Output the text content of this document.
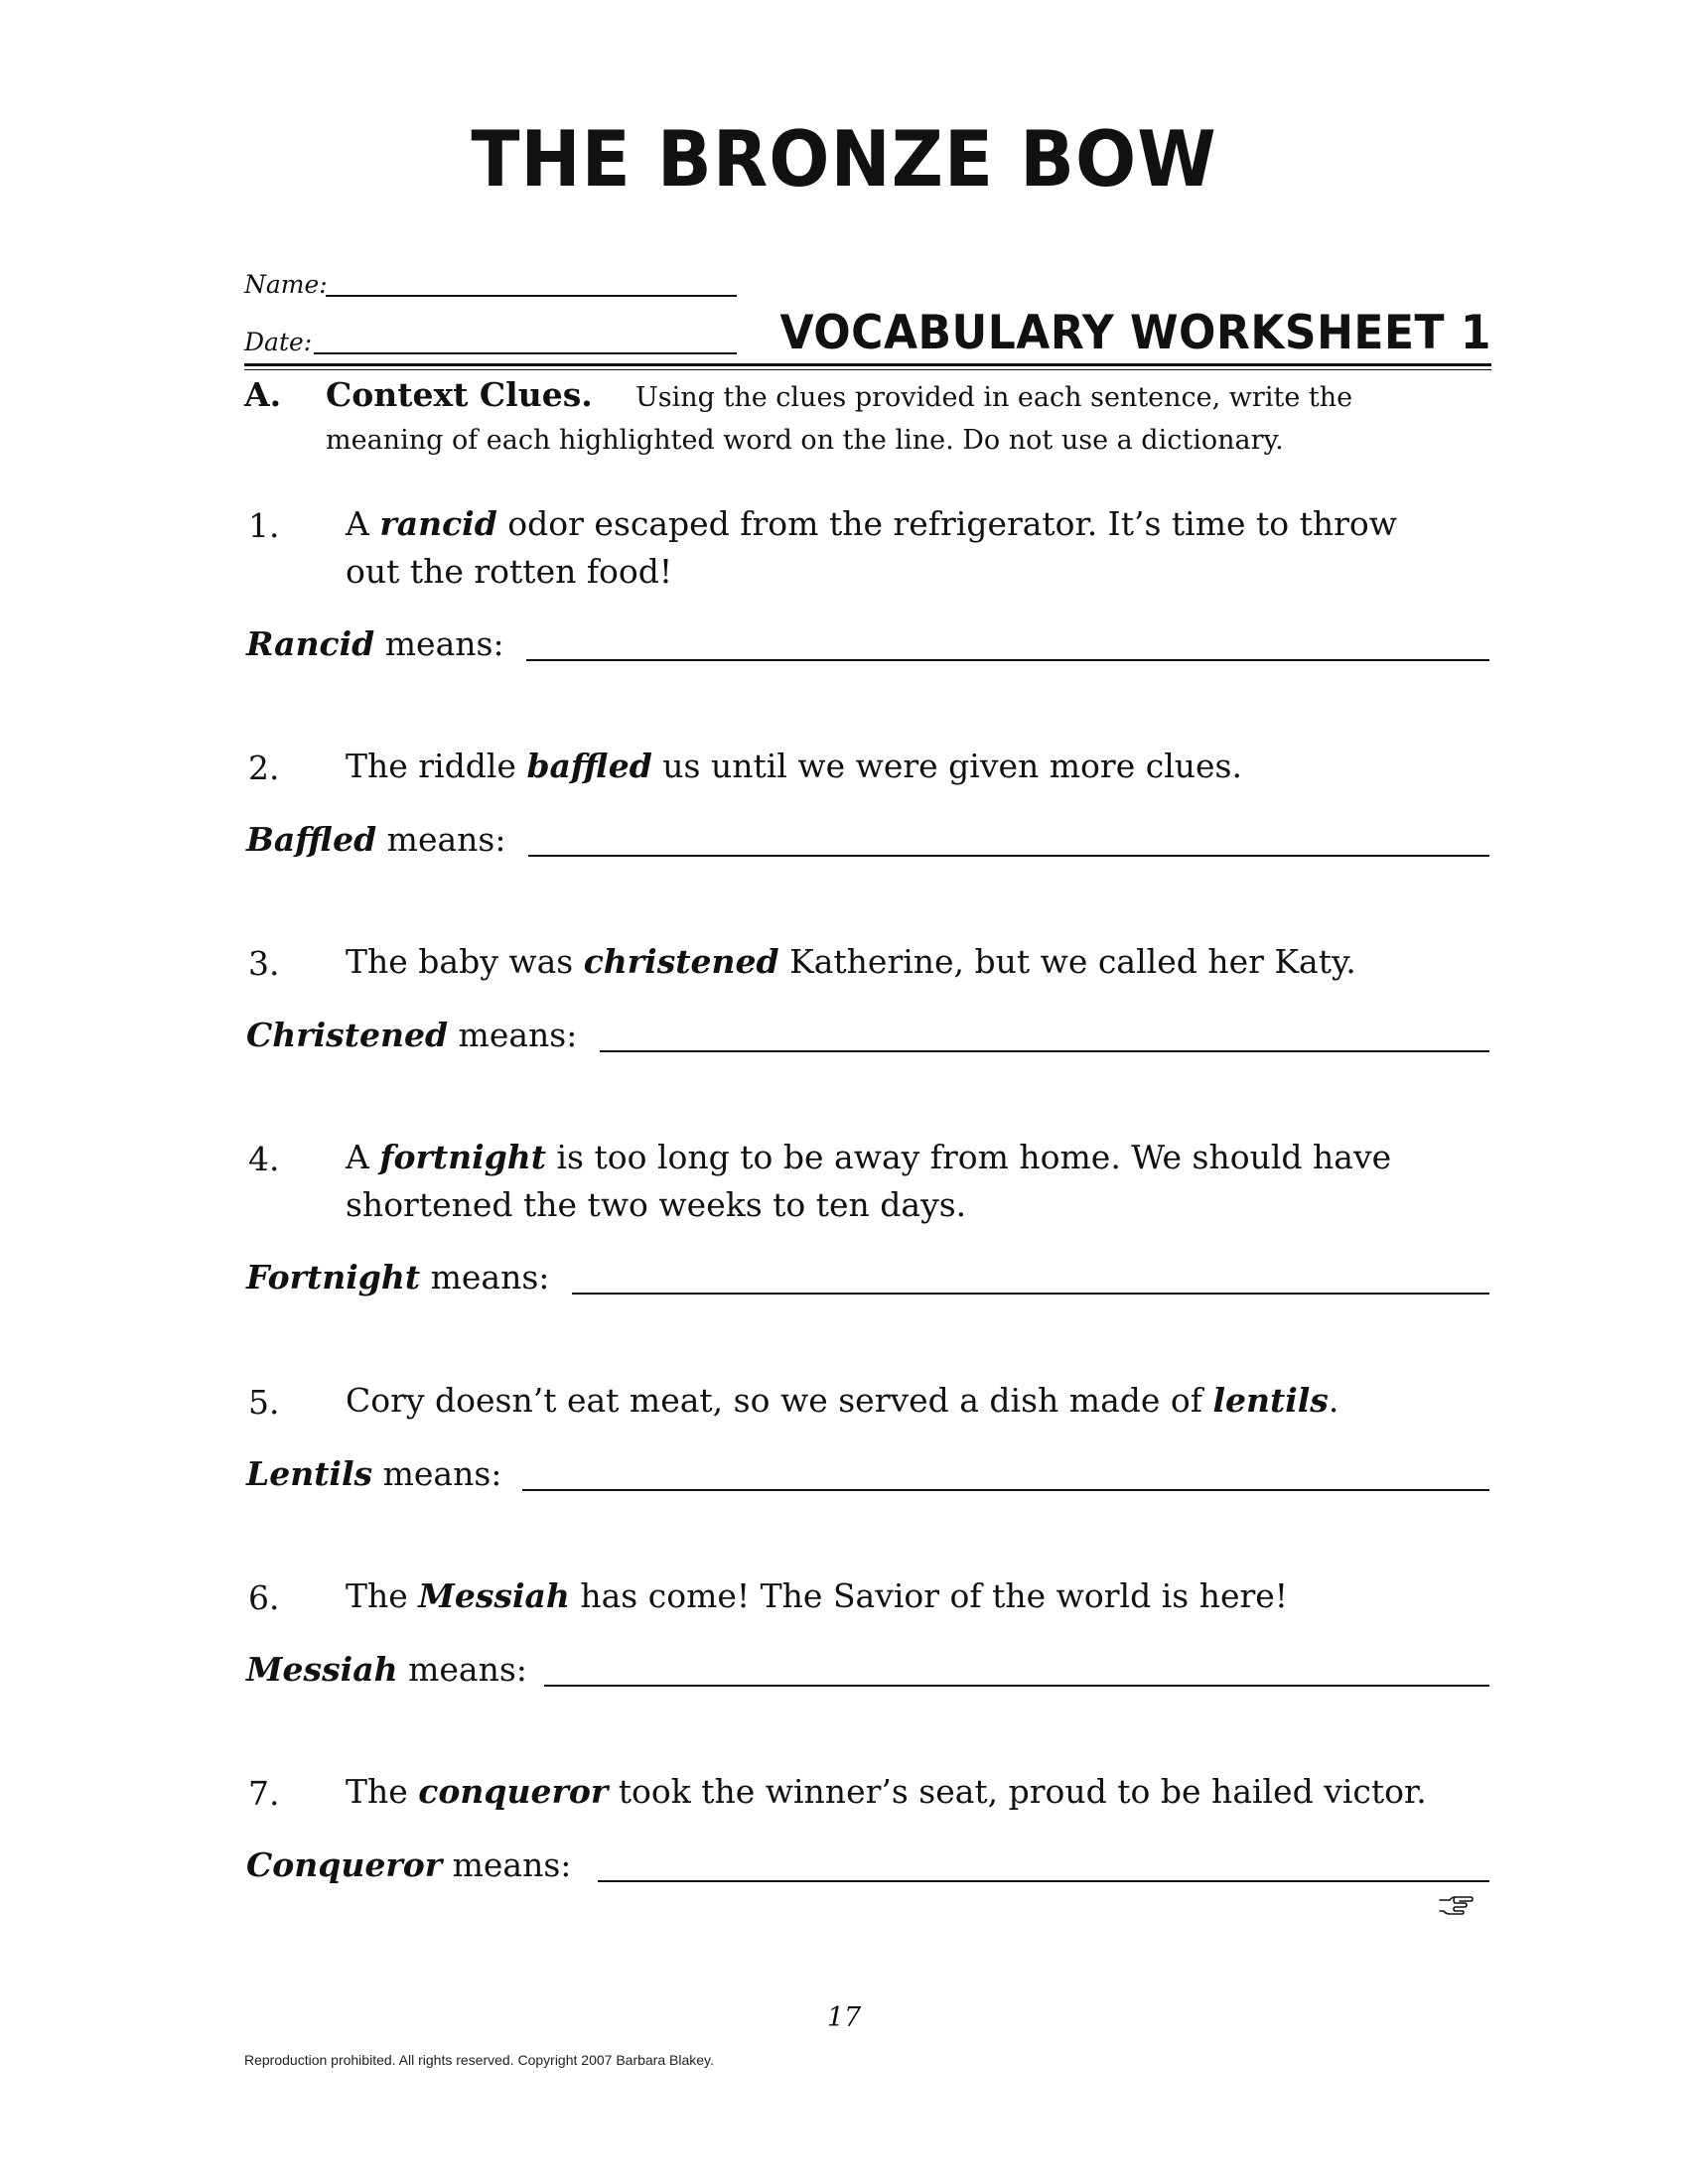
THE BRONZE BOW
Name:
Date:	VOCABULARY WORKSHEET 1
A. Context Clues. Using the clues provided in each sentence, write the
meaning of each highlighted word on the line. Do not use a dictionary.
1. A rancid odor escaped from the refrigerator. It’s time to throw
out the rotten food!
Rancid means:
2. The riddle baffled us until we were given more clues.
Baffled means:
3. The baby was christened Katherine, but we called her Katy.
Christened means:
4. A fortnight is too long to be away from home. We should have
shortened the two weeks to ten days.
Fortnight means:
5. Cory doesn’t eat meat, so we served a dish made of lentils.
Lentils means:
6. The Messiah has come! The Savior of the world is here!
Messiah means:
7. The conqueror took the winner’s seat, proud to be hailed victor.
Conqueror means:
17
Reproduction prohibited. All rights reserved. Copyright 2007 Barbara Blakey.
